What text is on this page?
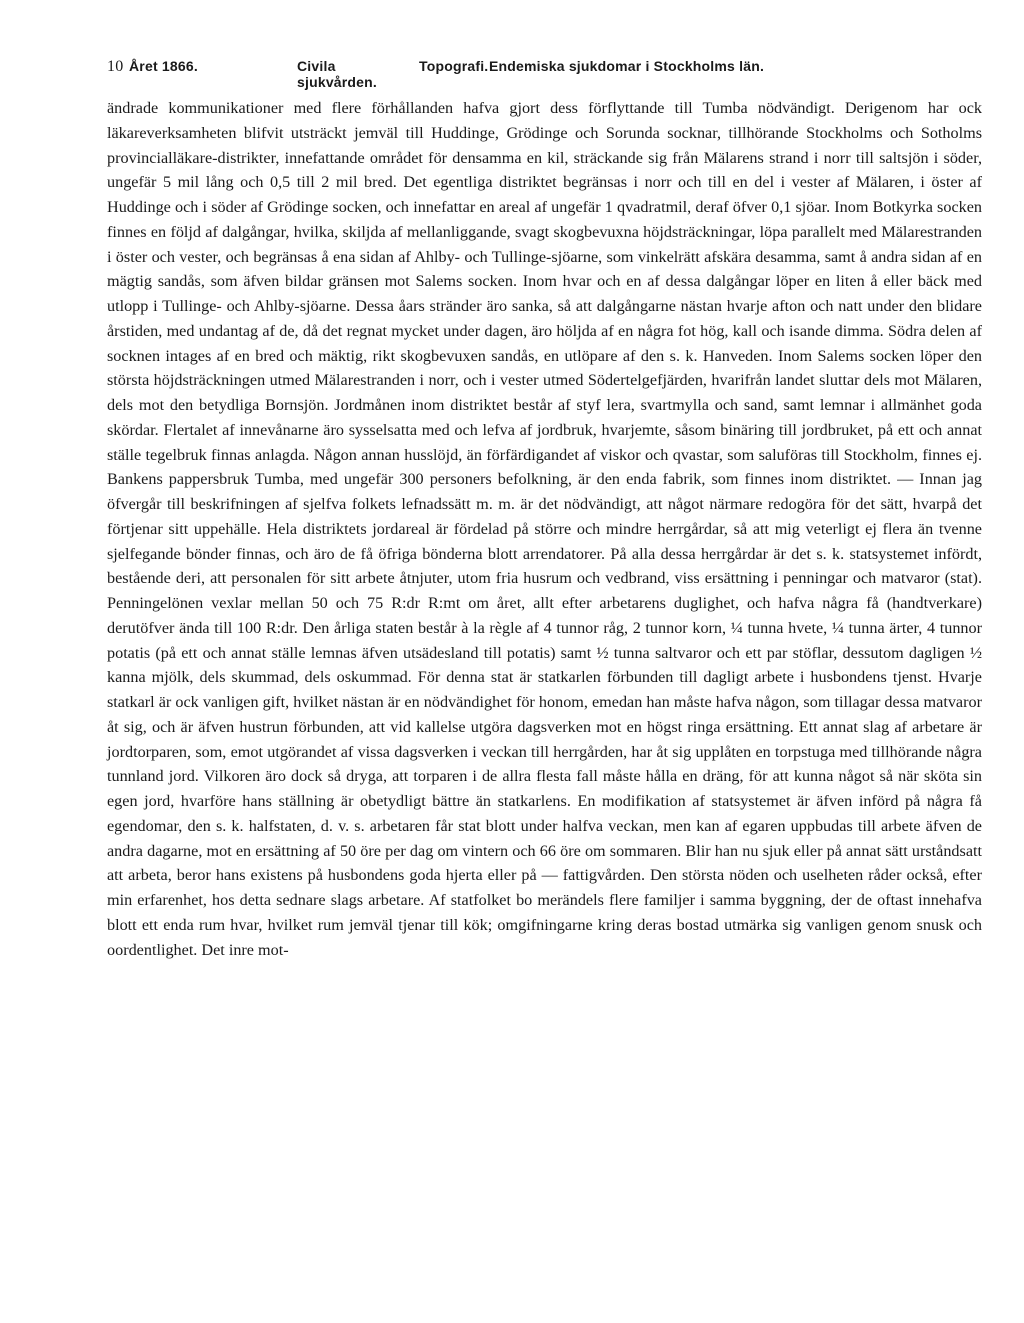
10 Året 1866.	Civila sjukvården.
Topografi. Endemiska sjukdomar i Stockholms län.

ändrade kommunikationer med flere förhållanden hafva gjort dess förflyttande till Tumba nödvändigt. Derigenom har ock läkareverksamheten blifvit utsträckt jemväl till Huddinge, Grödinge och Sorunda socknar, tillhörande Stockholms och Sotholms provincialläkare-distrikter, innefattande området för densamma en kil, sträckande sig från Mälarens strand i norr till saltsjön i söder, ungefär 5 mil lång och 0,5 till 2 mil bred. Det egentliga distriktet begränsas i norr och till en del i vester af Mälaren, i öster af Huddinge och i söder af Grödinge socken, och innefattar en areal af ungefär 1 qvadratmil, deraf öfver 0,1 sjöar. Inom Botkyrka socken finnes en följd af dalgångar, hvilka, skiljda af mellanliggande, svagt skogbevuxna höjdsträckningar, löpa parallelt med Mälarestranden i öster och vester, och begränsas å ena sidan af Ahlby- och Tullinge-sjöarne, som vinkelrätt afskära desamma, samt å andra sidan af en mägtig sandås, som äfven bildar gränsen mot Salems socken. Inom hvar och en af dessa dalgångar löper en liten å eller bäck med utlopp i Tullinge- och Ahlby-sjöarne. Dessa åars stränder äro sanka, så att dalgångarne nästan hvarje afton och natt under den blidare årstiden, med undantag af de, då det regnat mycket under dagen, äro höljda af en några fot hög, kall och isande dimma. Södra delen af socknen intages af en bred och mäktig, rikt skogbevuxen sandås, en utlöpare af den s. k. Hanveden. Inom Salems socken löper den största höjdsträckningen utmed Mälarestranden i norr, och i vester utmed Södertelgefjärden, hvarifrån landet sluttar dels mot Mälaren, dels mot den betydliga Bornsjön. Jordmånen inom distriktet består af styf lera, svartmylla och sand, samt lemnar i allmänhet goda skördar. Flertalet af innevånarne äro sysselsatta med och lefva af jordbruk, hvarjemte, såsom binäring till jordbruket, på ett och annat ställe tegelbruk finnas anlagda. Någon annan husslöjd, än förfärdigandet af viskor och qvastar, som saluföras till Stockholm, finnes ej. Bankens pappersbruk Tumba, med ungefär 300 personers befolkning, är den enda fabrik, som finnes inom distriktet. — Innan jag öfvergår till beskrifningen af sjelfva folkets lefnadssätt m. m. är det nödvändigt, att något närmare redogöra för det sätt, hvarpå det förtjenar sitt uppehälle. Hela distriktets jordareal är fördelad på större och mindre herrgårdar, så att mig veterligt ej flera än tvenne sjelfegande bönder finnas, och äro de få öfriga bönderna blott arrendatorer. På alla dessa herrgårdar är det s. k. statsystemet infördt, bestående deri, att personalen för sitt arbete åtnjuter, utom fria husrum och vedbrand, viss ersättning i penningar och matvaror (stat). Penningelönen vexlar mellan 50 och 75 R:dr R:mt om året, allt efter arbetarens duglighet, och hafva några få (handtverkare) derutöfver ända till 100 R:dr. Den årliga staten består à la règle af 4 tunnor råg, 2 tunnor korn, ¼ tunna hvete, ¼ tunna ärter, 4 tunnor potatis (på ett och annat ställe lemnas äfven utsädesland till potatis) samt ½ tunna saltvaror och ett par stöflar, dessutom dagligen ½ kanna mjölk, dels skummad, dels oskummad. För denna stat är statkarlen förbunden till dagligt arbete i husbondens tjenst. Hvarje statkarl är ock vanligen gift, hvilket nästan är en nödvändighet för honom, emedan han måste hafva någon, som tillagar dessa matvaror åt sig, och är äfven hustrun förbunden, att vid kallelse utgöra dagsverken mot en högst ringa ersättning. Ett annat slag af arbetare är jordtorparen, som, emot utgörandet af vissa dagsverken i veckan till herrgården, har åt sig upplåten en torpstuga med tillhörande några tunnland jord. Vilkoren äro dock så dryga, att torparen i de allra flesta fall måste hålla en dräng, för att kunna något så när sköta sin egen jord, hvarföre hans ställning är obetydligt bättre än statkarlens. En modifikation af statsystemet är äfven införd på några få egendomar, den s. k. halfstaten, d. v. s. arbetaren får stat blott under halfva veckan, men kan af egaren uppbudas till arbete äfven de andra dagarne, mot en ersättning af 50 öre per dag om vintern och 66 öre om sommaren. Blir han nu sjuk eller på annat sätt urståndsatt att arbeta, beror hans existens på husbondens goda hjerta eller på — fattigvården. Den största nöden och uselheten råder också, efter min erfarenhet, hos detta sednare slags arbetare. Af statfolket bo merändels flere familjer i samma byggning, der de oftast innehafva blott ett enda rum hvar, hvilket rum jemväl tjenar till kök; omgifningarne kring deras bostad utmärka sig vanligen genom snusk och oordentlighet. Det inre mot-
